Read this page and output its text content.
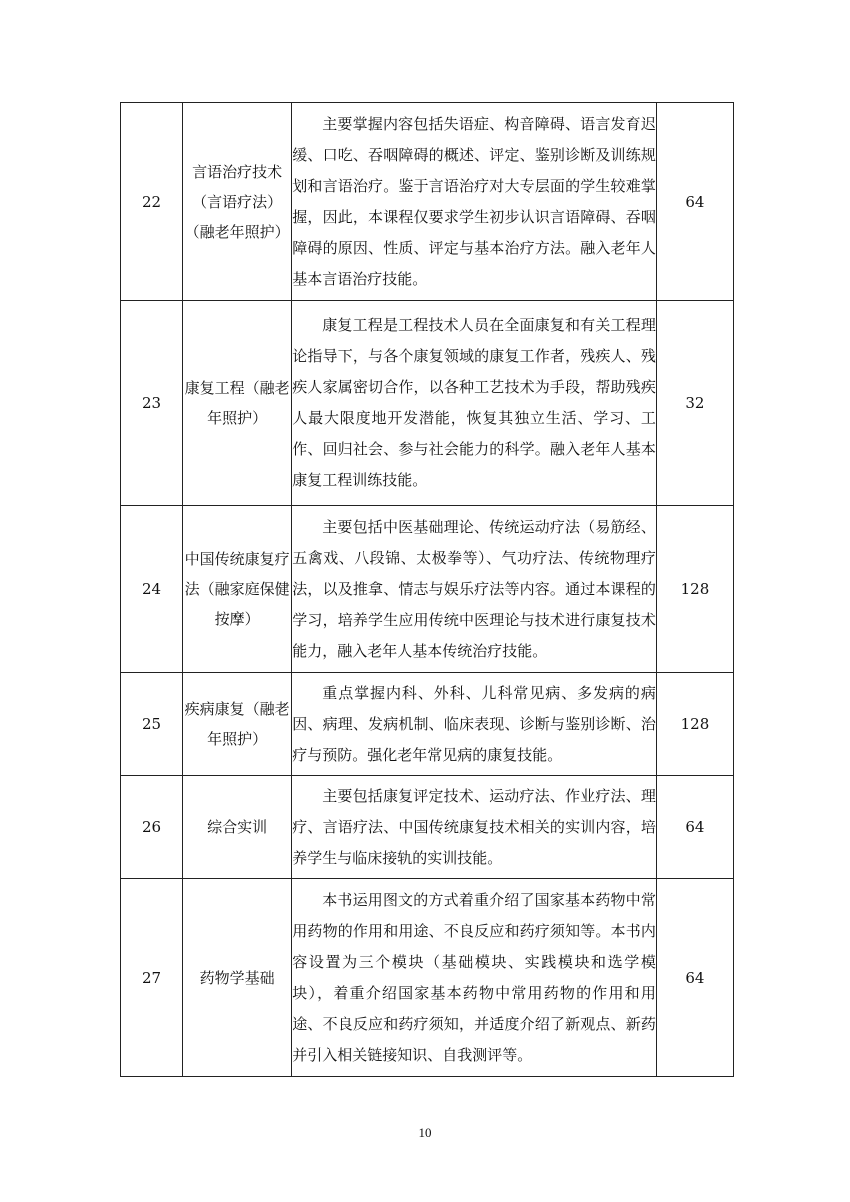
22	言语治疗技术（言语疗法）（融老年照护）	主要掌握内容包括失语症、构音障碍、语言发育迟缓、口吃、吞咽障碍的概述、评定、鉴别诊断及训练规划和言语治疗。鉴于言语治疗对大专层面的学生较难掌握，因此，本课程仅要求学生初步认识言语障碍、吞咽障碍的原因、性质、评定与基本治疗方法。融入老年人基本言语治疗技能。	64
23	康复工程（融老年照护）	康复工程是工程技术人员在全面康复和有关工程理论指导下，与各个康复领域的康复工作者，残疾人、残疾人家属密切合作，以各种工艺技术为手段，帮助残疾人最大限度地开发潜能，恢复其独立生活、学习、工作、回归社会、参与社会能力的科学。融入老年人基本康复工程训练技能。	32
24	中国传统康复疗法（融家庭保健按摩）	主要包括中医基础理论、传统运动疗法（易筋经、五禽戏、八段锦、太极拳等）、气功疗法、传统物理疗法，以及推拿、情志与娱乐疗法等内容。通过本课程的学习，培养学生应用传统中医理论与技术进行康复技术能力，融入老年人基本传统治疗技能。	128
25	疾病康复（融老年照护）	重点掌握内科、外科、儿科常见病、多发病的病因、病理、发病机制、临床表现、诊断与鉴别诊断、治疗与预防。强化老年常见病的康复技能。	128
26	综合实训	主要包括康复评定技术、运动疗法、作业疗法、理疗、言语疗法、中国传统康复技术相关的实训内容，培养学生与临床接轨的实训技能。	64
27	药物学基础	本书运用图文的方式着重介绍了国家基本药物中常用药物的作用和用途、不良反应和药疗须知等。本书内容设置为三个模块（基础模块、实践模块和选学模块），着重介绍国家基本药物中常用药物的作用和用途、不良反应和药疗须知，并适度介绍了新观点、新药并引入相关链接知识、自我测评等。	64
10
